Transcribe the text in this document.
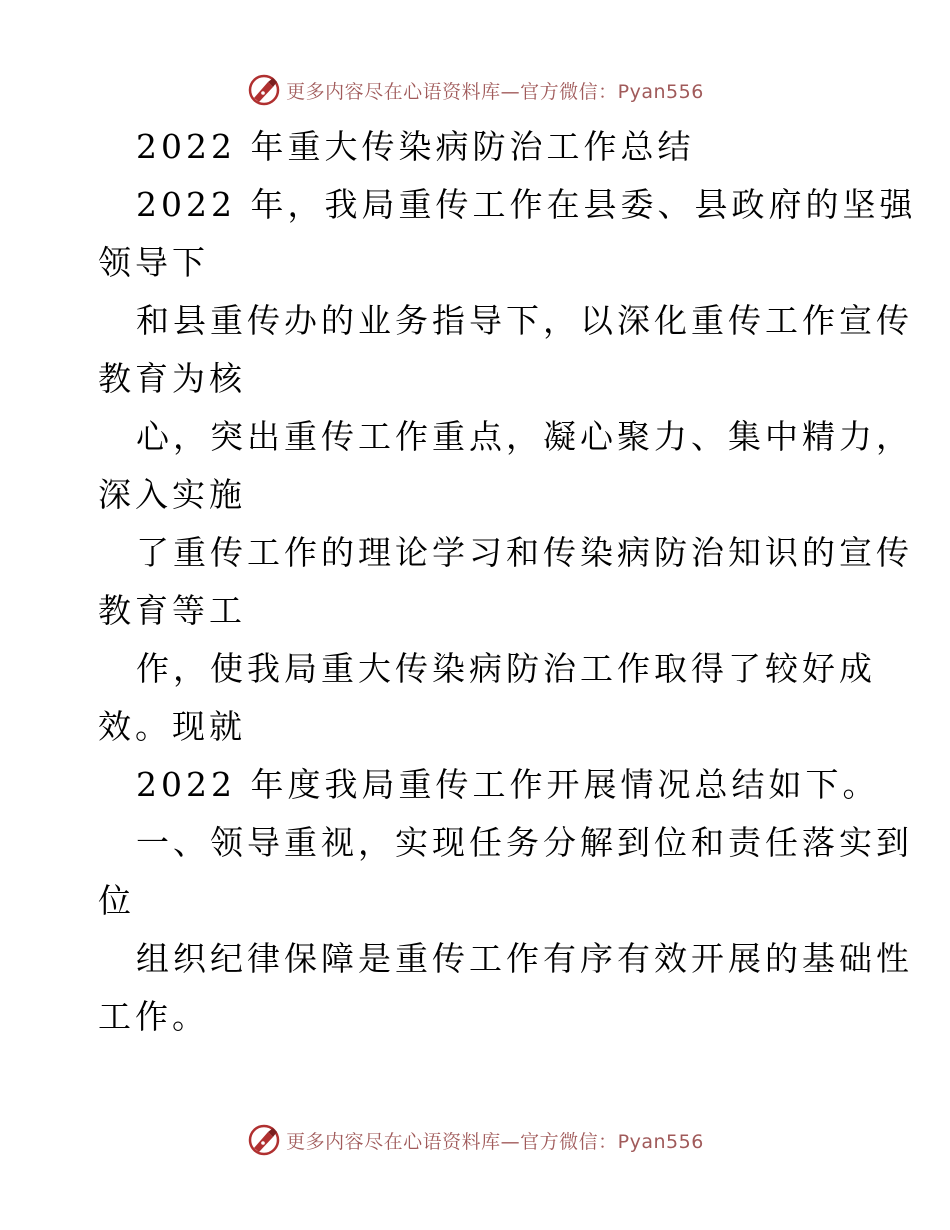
更多内容尽在心语资料库—官方微信：Pyan556
2022 年重大传染病防治工作总结
2022 年，我局重传工作在县委、县政府的坚强
领导下
和县重传办的业务指导下，以深化重传工作宣传
教育为核
心，突出重传工作重点，凝心聚力、集中精力，
深入实施
了重传工作的理论学习和传染病防治知识的宣传
教育等工
作，使我局重大传染病防治工作取得了较好成
效。现就
2022 年度我局重传工作开展情况总结如下。
一、领导重视，实现任务分解到位和责任落实到
位
组织纪律保障是重传工作有序有效开展的基础性
工作。
更多内容尽在心语资料库—官方微信：Pyan556
